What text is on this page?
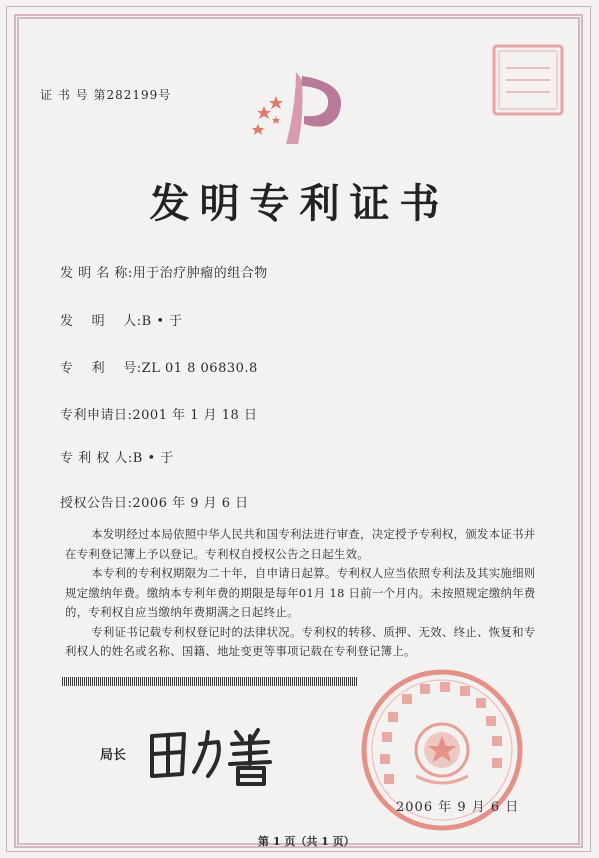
证 书 号 第282199号
发明专利证书
发 明 名 称:用于治疗肿瘤的组合物
发　 明　 人:B • 于
专　 利　 号:ZL 01 8 06830.8
专利申请日:2001 年 1 月 18 日
专 利 权 人:B • 于
授权公告日:2006 年 9 月 6 日

本发明经过本局依照中华人民共和国专利法进行审查，决定授予专利权，颁发本证书并在专利登记簿上予以登记。专利权自授权公告之日起生效。

本专利的专利权期限为二十年，自申请日起算。专利权人应当依照专利法及其实施细则规定缴纳年费。缴纳本专利年费的期限是每年01月 18 日前一个月内。未按照规定缴纳年费的，专利权自应当缴纳年费期满之日起终止。

专利证书记载专利权登记时的法律状况。专利权的转移、质押、无效、终止、恢复和专利权人的姓名或名称、国籍、地址变更等事项记载在专利登记簿上。

局长
2006 年 9 月 6 日
第 1 页（共 1 页）
